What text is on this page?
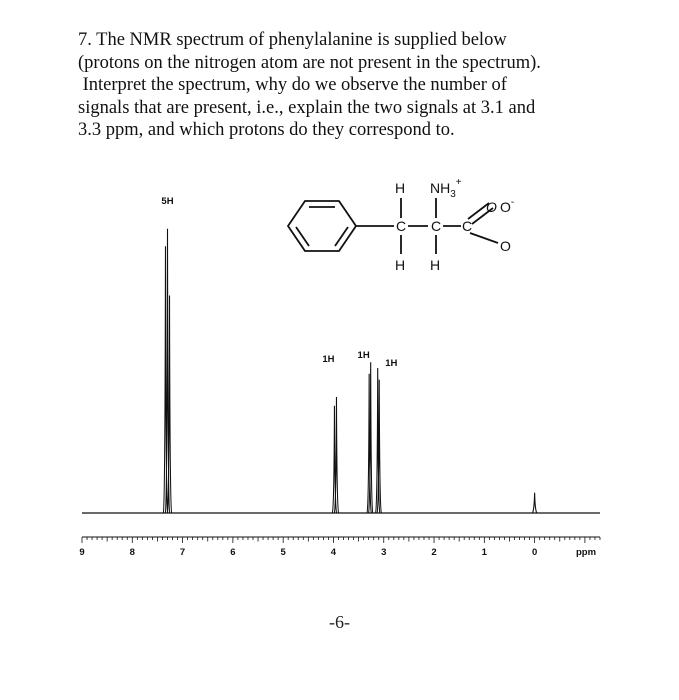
7. The NMR spectrum of phenylalanine is supplied below
(protons on the nitrogen atom are not present in the spectrum).
Interpret the spectrum, why do we observe the number of
signals that are present, i.e., explain the two signals at 3.1 and
3.3 ppm, and which protons do they correspond to.
H $NH_3^+$
O O-
C C C
O
H H
9	8	7	6	5	4	3	2	1	0	ppm
5H
1H 1H
1H
-6-
